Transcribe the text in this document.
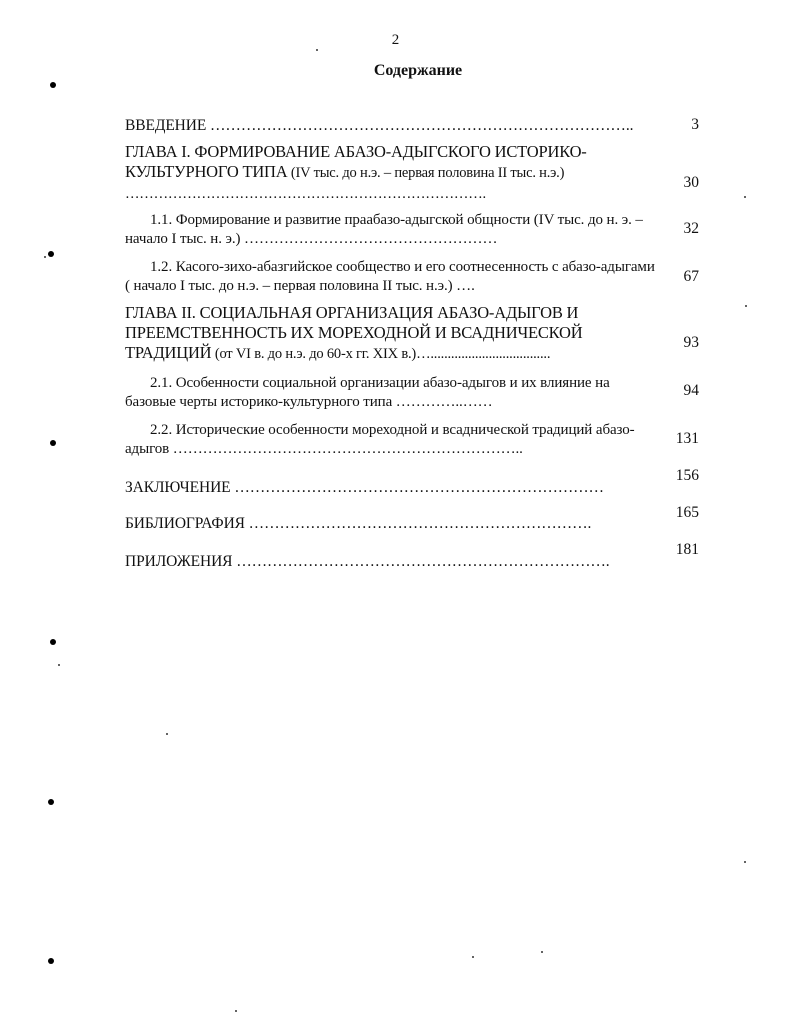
2
Содержание
ВВЕДЕНИЕ ………………………………………………………………………..	3
ГЛАВА I. ФОРМИРОВАНИЕ АБАЗО-АДЫГСКОГО ИСТОРИКО-КУЛЬТУРНОГО ТИПА (IV тыс. до н.э. – первая половина II тыс. н.э.) ………………………………………………………………….
30
1.1. Формирование и развитие праабазо-адыгской общности (IV тыс. до н. э. – начало I тыс. н. э.) ……………………………………………
32
1.2. Касого-зихо-абазгийское сообщество и его соотнесенность с абазо-адыгами ( начало I тыс. до н.э. – первая половина II тыс. н.э.) ….
67
ГЛАВА II. СОЦИАЛЬНАЯ ОРГАНИЗАЦИЯ АБАЗО-АДЫГОВ И ПРЕЕМСТВЕННОСТЬ ИХ МОРЕХОДНОЙ И ВСАДНИЧЕСКОЙ ТРАДИЦИЙ (от VI в. до н.э. до 60-х гг. XIX в.)…...................................
93
2.1. Особенности социальной организации абазо-адыгов и их влияние на базовые черты историко-культурного типа …………..……
94
2.2. Исторические особенности мореходной и всаднической традиций абазо-адыгов ……………………………………………………………..
131
ЗАКЛЮЧЕНИЕ ………………………………………………………………
156
БИБЛИОГРАФИЯ ………………………………………………………….
165
ПРИЛОЖЕНИЯ ……………………………………………………………….
181
